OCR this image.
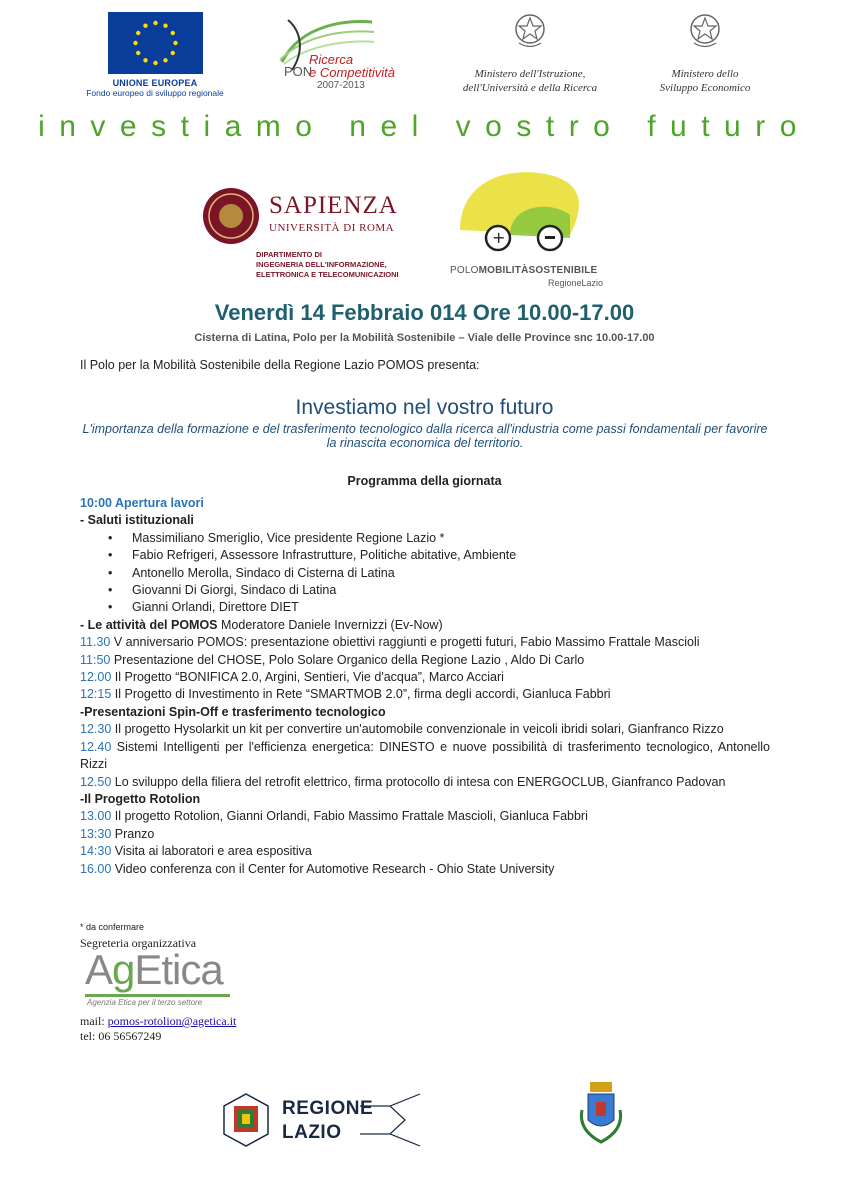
UNIONE EUROPEA
Fondo europeo di sviluppo regionale
PON
Ricerca
e Competitività
2007-2013
Ministero dell'Istruzione,
dell'Università e della Ricerca
Ministero dello
Sviluppo Economico
investiamo nel vostro futuro
SAPIENZA
UNIVERSITÀ DI ROMA
DIPARTIMENTO DI
INGEGNERIA DELL'INFORMAZIONE,
ELETTRONICA E TELECOMUNICAZIONI
+
POLOMOBILITÀSOSTENIBILE
RegioneLazio
Venerdì 14 Febbraio 014 Ore 10.00-17.00
Cisterna di Latina, Polo per la Mobilità Sostenibile – Viale delle Province snc 10.00-17.00
Il Polo per la Mobilità Sostenibile della Regione Lazio POMOS presenta:
Investiamo nel vostro futuro
L'importanza della formazione e del trasferimento tecnologico dalla ricerca all'industria come passi fondamentali per favorire la rinascita economica del territorio.
Programma della giornata
10:00 Apertura lavori
- Saluti istituzionali
• Massimiliano Smeriglio, Vice presidente Regione Lazio *
• Fabio Refrigeri, Assessore Infrastrutture, Politiche abitative, Ambiente
• Antonello Merolla, Sindaco di Cisterna di Latina
• Giovanni Di Giorgi, Sindaco di Latina
• Gianni Orlandi, Direttore DIET
- Le attività del POMOS Moderatore Daniele Invernizzi (Ev-Now)
11.30 V anniversario POMOS: presentazione obiettivi raggiunti e progetti futuri, Fabio Massimo Frattale Mascioli
11:50 Presentazione del CHOSE, Polo Solare Organico della Regione Lazio , Aldo Di Carlo
12.00 Il Progetto “BONIFICA 2.0, Argini, Sentieri, Vie d'acqua”, Marco Acciari
12:15 Il Progetto di Investimento in Rete “SMARTMOB 2.0”, firma degli accordi, Gianluca Fabbri
-Presentazioni Spin-Off e trasferimento tecnologico
12.30 Il progetto Hysolarkit un kit per convertire un'automobile convenzionale in veicoli ibridi solari, Gianfranco Rizzo
12.40 Sistemi Intelligenti per l'efficienza energetica: DINESTO e nuove possibilità di trasferimento tecnologico, Antonello Rizzi
12.50 Lo sviluppo della filiera del retrofit elettrico, firma protocollo di intesa con ENERGOCLUB, Gianfranco Padovan
-Il Progetto Rotolion
13.00 Il progetto Rotolion, Gianni Orlandi, Fabio Massimo Frattale Mascioli, Gianluca Fabbri
13:30 Pranzo
14:30 Visita ai laboratori e area espositiva
16.00 Video conferenza con il Center for Automotive Research - Ohio State University
* da confermare
Segreteria organizzativa
AgEtica
Agenzia Etica per il terzo settore
mail: pomos-rotolion@agetica.it
tel: 06 56567249
REGIONE
LAZIO
